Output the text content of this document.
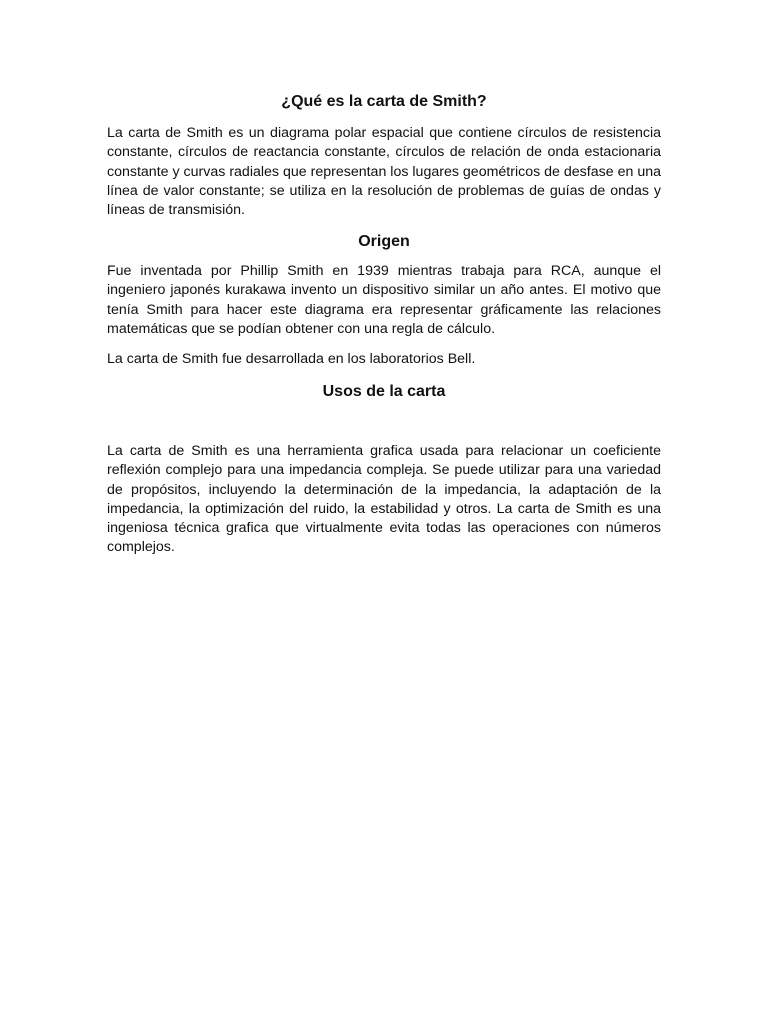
¿Qué es la carta de Smith?

La carta de Smith es un diagrama polar espacial que contiene círculos de resistencia constante, círculos de reactancia constante, círculos de relación de onda estacionaria constante y curvas radiales que representan los lugares geométricos de desfase en una línea de valor constante; se utiliza en la resolución de problemas de guías de ondas y líneas de transmisión.

Origen

Fue inventada por Phillip Smith en 1939 mientras trabaja para RCA, aunque el ingeniero japonés kurakawa invento un dispositivo similar un año antes. El motivo que tenía Smith para hacer este diagrama era representar gráficamente las relaciones matemáticas que se podían obtener con una regla de cálculo.

La carta de Smith fue desarrollada en los laboratorios Bell.

Usos de la carta

La carta de Smith es una herramienta grafica usada para relacionar un coeficiente reflexión complejo para una impedancia compleja. Se puede utilizar para una variedad de propósitos, incluyendo la determinación de la impedancia, la adaptación de la impedancia, la optimización del ruido, la estabilidad y otros. La carta de Smith es una ingeniosa técnica grafica que virtualmente evita todas las operaciones con números complejos.
